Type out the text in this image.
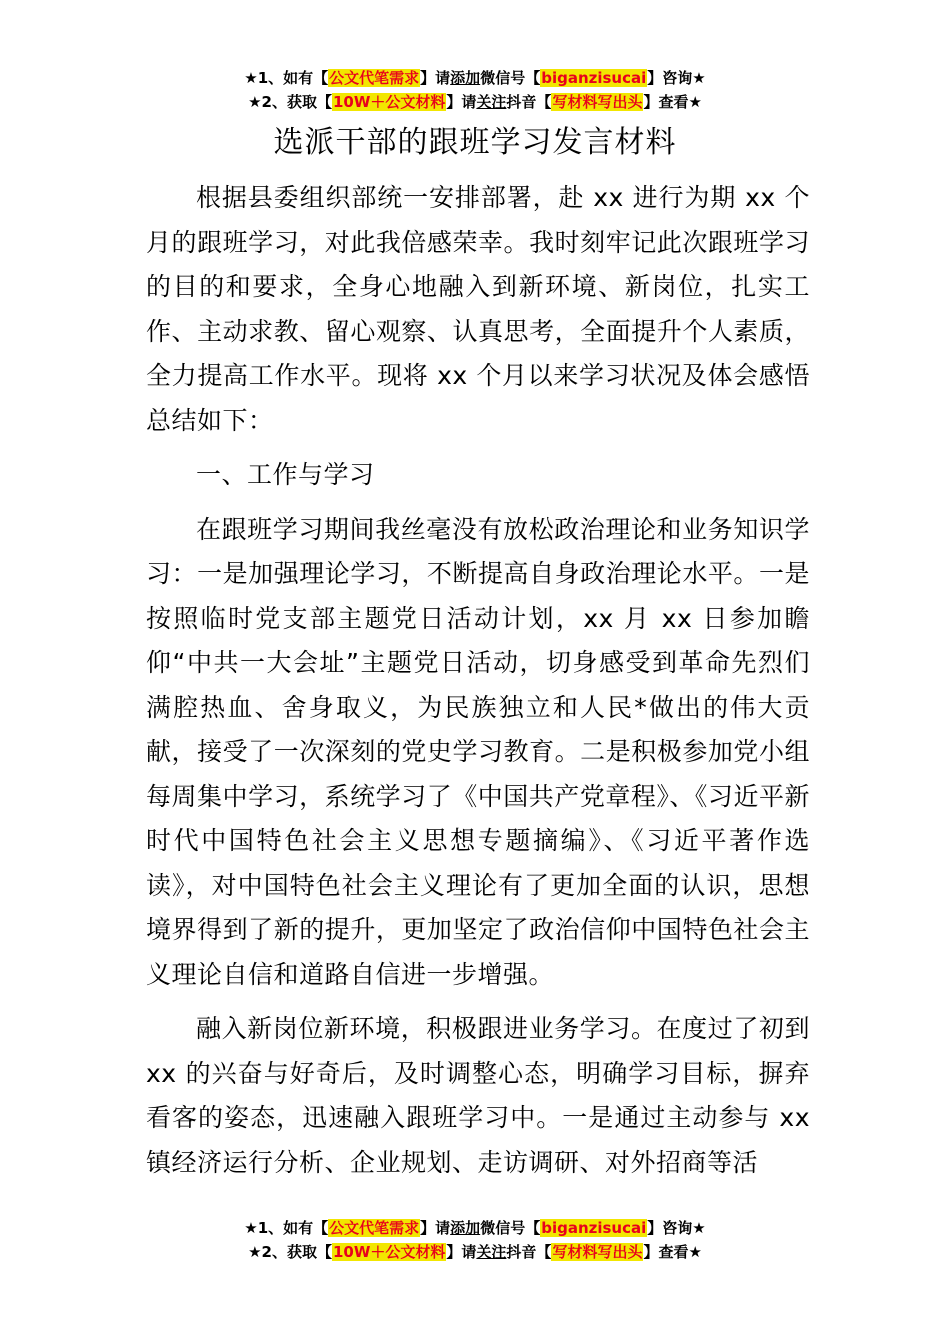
★1、如有【公文代笔需求】请添加微信号【biganzisucai】咨询★
★2、获取【10W＋公文材料】请关注抖音【写材料写出头】查看★
选派干部的跟班学习发言材料

根据县委组织部统一安排部署，赴 xx 进行为期 xx 个月的跟班学习，对此我倍感荣幸。我时刻牢记此次跟班学习的目的和要求，全身心地融入到新环境、新岗位，扎实工作、主动求教、留心观察、认真思考，全面提升个人素质，全力提高工作水平。现将 xx 个月以来学习状况及体会感悟总结如下：

一、工作与学习

在跟班学习期间我丝毫没有放松政治理论和业务知识学习：一是加强理论学习，不断提高自身政治理论水平。一是按照临时党支部主题党日活动计划，xx 月 xx 日参加瞻仰“中共一大会址”主题党日活动，切身感受到革命先烈们满腔热血、舍身取义，为民族独立和人民*做出的伟大贡献，接受了一次深刻的党史学习教育。二是积极参加党小组每周集中学习，系统学习了《中国共产党章程》、《习近平新时代中国特色社会主义思想专题摘编》、《习近平著作选读》，对中国特色社会主义理论有了更加全面的认识，思想境界得到了新的提升，更加坚定了政治信仰中国特色社会主义理论自信和道路自信进一步增强。

融入新岗位新环境，积极跟进业务学习。在度过了初到 xx 的兴奋与好奇后，及时调整心态，明确学习目标，摒弃看客的姿态，迅速融入跟班学习中。一是通过主动参与 xx 镇经济运行分析、企业规划、走访调研、对外招商等活

★1、如有【公文代笔需求】请添加微信号【biganzisucai】咨询★
★2、获取【10W＋公文材料】请关注抖音【写材料写出头】查看★
